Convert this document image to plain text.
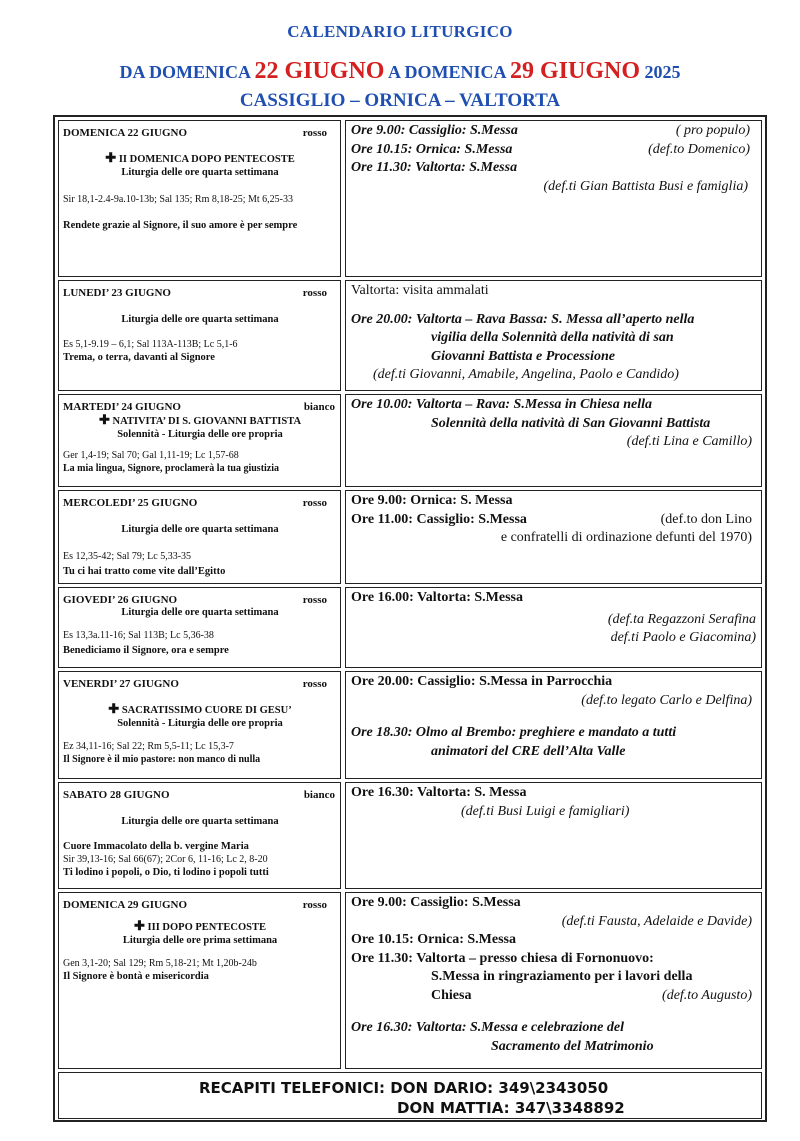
CALENDARIO LITURGICO
DA DOMENICA 22 GIUGNO A DOMENICA 29 GIUGNO 2025
CASSIGLIO – ORNICA – VALTORTA
DOMENICA 22 GIUGNO	rosso
✚ II DOMENICA DOPO PENTECOSTE
Liturgia delle ore quarta settimana
Sir 18,1-2.4-9a.10-13b; Sal 135; Rm 8,18-25; Mt 6,25-33
Rendete grazie al Signore, il suo amore è per sempre
Ore 9.00: Cassiglio: S.Messa	( pro populo)
Ore 10.15: Ornica: S.Messa	(def.to Domenico)
Ore 11.30: Valtorta: S.Messa
(def.ti Gian Battista Busi e famiglia)
LUNEDI’ 23 GIUGNO	rosso
Liturgia delle ore quarta settimana
Es 5,1-9.19 – 6,1; Sal 113A-113B; Lc 5,1-6
Trema, o terra, davanti al Signore
Valtorta: visita ammalati
Ore 20.00: Valtorta – Rava Bassa: S. Messa all’aperto nella
vigilia della Solennità della natività di san
Giovanni Battista e Processione
(def.ti Giovanni, Amabile, Angelina, Paolo e Candido)
MARTEDI’ 24 GIUGNO	bianco
✚ NATIVITA’ DI S. GIOVANNI BATTISTA
Solennità - Liturgia delle ore propria
Ger 1,4-19; Sal 70; Gal 1,11-19; Lc 1,57-68
La mia lingua, Signore, proclamerà la tua giustizia
Ore 10.00: Valtorta – Rava: S.Messa in Chiesa nella
Solennità della natività di San Giovanni Battista
(def.ti Lina e Camillo)
MERCOLEDI’ 25 GIUGNO	rosso
Liturgia delle ore quarta settimana
Es 12,35-42; Sal 79; Lc 5,33-35
Tu ci hai tratto come vite dall’Egitto
Ore 9.00: Ornica: S. Messa
Ore 11.00: Cassiglio: S.Messa	(def.to don Lino
e confratelli di ordinazione defunti del 1970)
GIOVEDI’ 26 GIUGNO	rosso
Liturgia delle ore quarta settimana
Es 13,3a.11-16; Sal 113B; Lc 5,36-38
Benediciamo il Signore, ora e sempre
Ore 16.00: Valtorta: S.Messa
(def.ta Regazzoni Serafina
def.ti Paolo e Giacomina)
VENERDI’ 27 GIUGNO	rosso
✚ SACRATISSIMO CUORE DI GESU’
Solennità - Liturgia delle ore propria
Ez 34,11-16; Sal 22; Rm 5,5-11; Lc 15,3-7
Il Signore è il mio pastore: non manco di nulla
Ore 20.00: Cassiglio: S.Messa in Parrocchia
(def.to legato Carlo e Delfina)
Ore 18.30: Olmo al Brembo: preghiere e mandato a tutti
animatori del CRE dell’Alta Valle
SABATO 28 GIUGNO	bianco
Liturgia delle ore quarta settimana
Cuore Immacolato della b. vergine Maria
Sir 39,13-16; Sal 66(67); 2Cor 6, 11-16; Lc 2, 8-20
Ti lodino i popoli, o Dio, ti lodino i popoli tutti
Ore 16.30: Valtorta: S. Messa
(def.ti Busi Luigi e famigliari)
DOMENICA 29 GIUGNO	rosso
✚ III DOPO PENTECOSTE
Liturgia delle ore prima settimana
Gen 3,1-20; Sal 129; Rm 5,18-21; Mt 1,20b-24b
Il Signore è bontà e misericordia
Ore 9.00: Cassiglio: S.Messa
(def.ti Fausta, Adelaide e Davide)
Ore 10.15: Ornica: S.Messa
Ore 11.30: Valtorta – presso chiesa di Fornonuovo:
S.Messa in ringraziamento per i lavori della
Chiesa	(def.to Augusto)
Ore 16.30: Valtorta: S.Messa e celebrazione del
Sacramento del Matrimonio
RECAPITI TELEFONICI: DON DARIO: 349\2343050
DON MATTIA: 347\3348892
